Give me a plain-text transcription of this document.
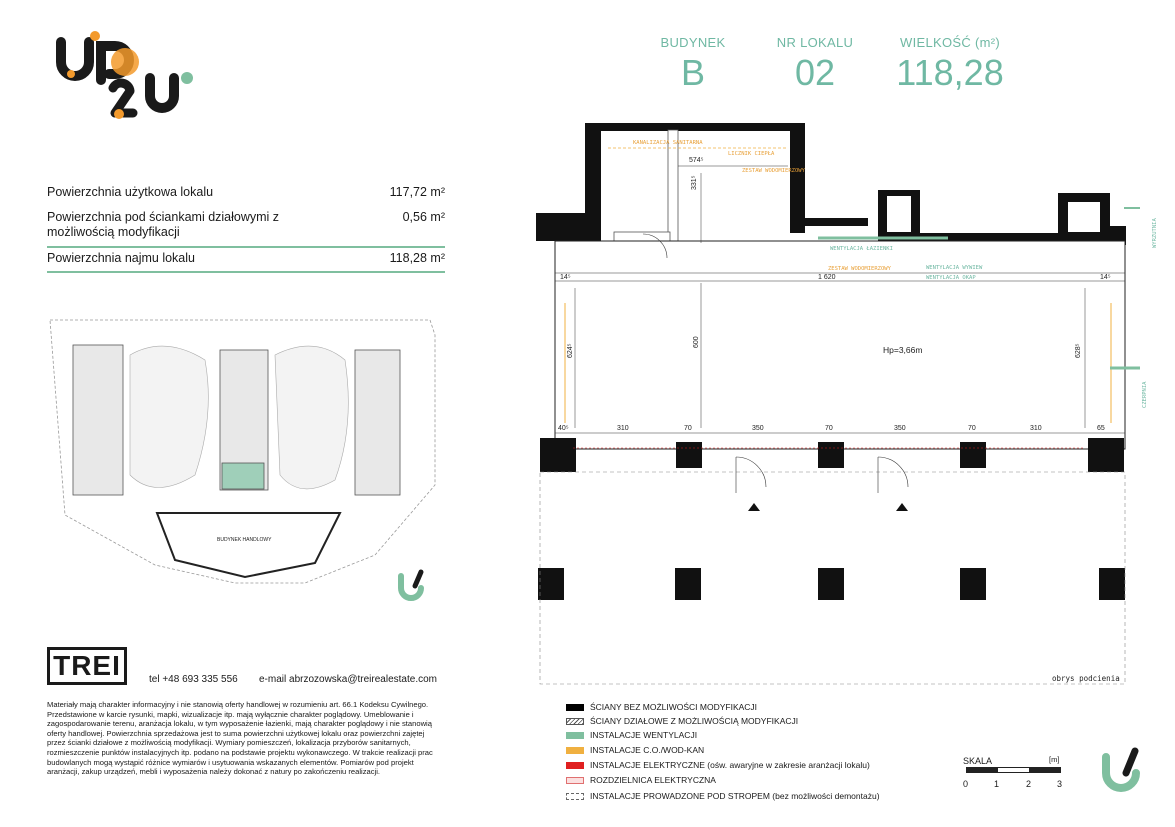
BUDYNEK
B
NR LOKALU
02
WIELKOŚĆ (m²)
118,28
Powierzchnia użytkowa lokalu	117,72 m²
Powierzchnia pod ściankami działowymi z możliwością modyfikacji
0,56 m²
Powierzchnia najmu lokalu	118,28 m²
BUDYNEK HANDLOWY
TREI	tel +48 693 335 556 e-mail abrzozowska@treirealestate.com
Materiały mają charakter informacyjny i nie stanowią oferty handlowej w rozumieniu art. 66.1 Kodeksu Cywilnego. Przedstawione w karcie rysunki, mapki, wizualizacje itp. mają wyłącznie charakter poglądowy. Umeblowanie i zagospodarowanie terenu, aranżacja lokalu, w tym wyposażenie łazienki, mają charakter poglądowy i nie stanowią oferty handlowej. Powierzchnia sprzedażowa jest to suma powierzchni użytkowej lokalu oraz powierzchni zajętej przez ścianki działowe z możliwością modyfikacji. Wymiary pomieszczeń, lokalizacja przyborów sanitarnych, rozmieszczenie punktów instalacyjnych itp. podano na podstawie projektu wykonawczego. W trakcie realizacji prac budowlanych mogą wystąpić różnice wymiarów i usytuowania wskazanych elementów. Pomiarów pod projekt aranżacji, zakup urządzeń, mebli i wyposażenia należy dokonać z natury po zakończeniu realizacji.
574⁵
331⁵
1 620
14⁵	14⁵
624⁵
600
628⁵
40⁵	310	70	350	70	350	70	310	65
Hp=3,66m
KANALIZACJA SANITARNA
LICZNIK CIEPŁA
ZESTAW WODOMIERZOWY
WENTYLACJA ŁAZIENKI
ZESTAW WODOMIERZOWY	WENTYLACJA WYWIEW
WENTYLACJA OKAP
WYRZUTNIA
CZERPNIA
obrys podcienia
ŚCIANY BEZ MOŻLIWOŚCI MODYFIKACJI
ŚCIANY DZIAŁOWE Z MOŻLIWOŚCIĄ MODYFIKACJI
INSTALACJE WENTYLACJI
INSTALACJE C.O./WOD-KAN
INSTALACJE ELEKTRYCZNE (ośw. awaryjne w zakresie aranżacji lokalu)
ROZDZIELNICA ELEKTRYCZNA
INSTALACJE PROWADZONE POD STROPEM (bez możliwości demontażu)
SKALA	[m]
0	1	2	3
